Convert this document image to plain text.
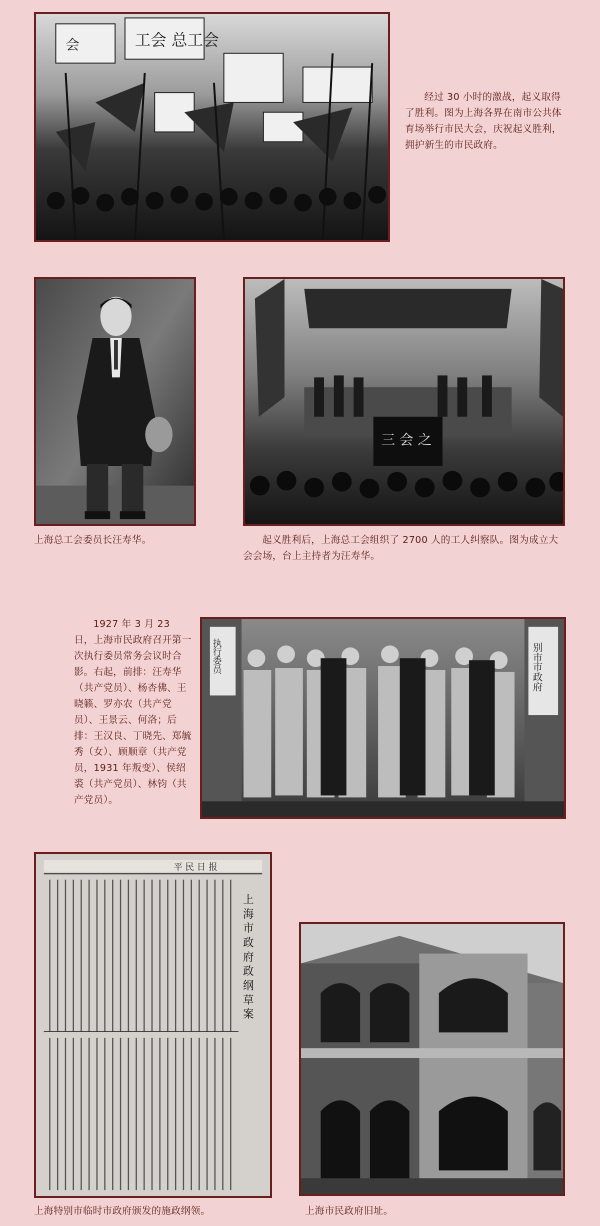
会	工会 总工会

经过 30 小时的激战，起义取得了胜利。图为上海各界在南市公共体育场举行市民大会，庆祝起义胜利，拥护新生的市民政府。

上海总工会委员长汪寿华。

三 会 之

起义胜利后，上海总工会组织了 2700 人的工人纠察队。图为成立大会会场，台上主持者为汪寿华。

1927 年 3 月 23 日，上海市民政府召开第一次执行委员常务会议时合影。右起，前排：汪寿华（共产党员）、杨杏佛、王晓籁、罗亦农（共产党员）、王景云、何洛；后排：王汉良、丁晓先、郑毓秀（女）、顾顺章（共产党员，1931 年叛变）、侯绍裘（共产党员）、林钧（共产党员）。

别市市政府
执行委员
平 民 日 报
上 海 市 政 府 政 纲 草 案

上海特别市临时市政府颁发的施政纲领。	上海市民政府旧址。
